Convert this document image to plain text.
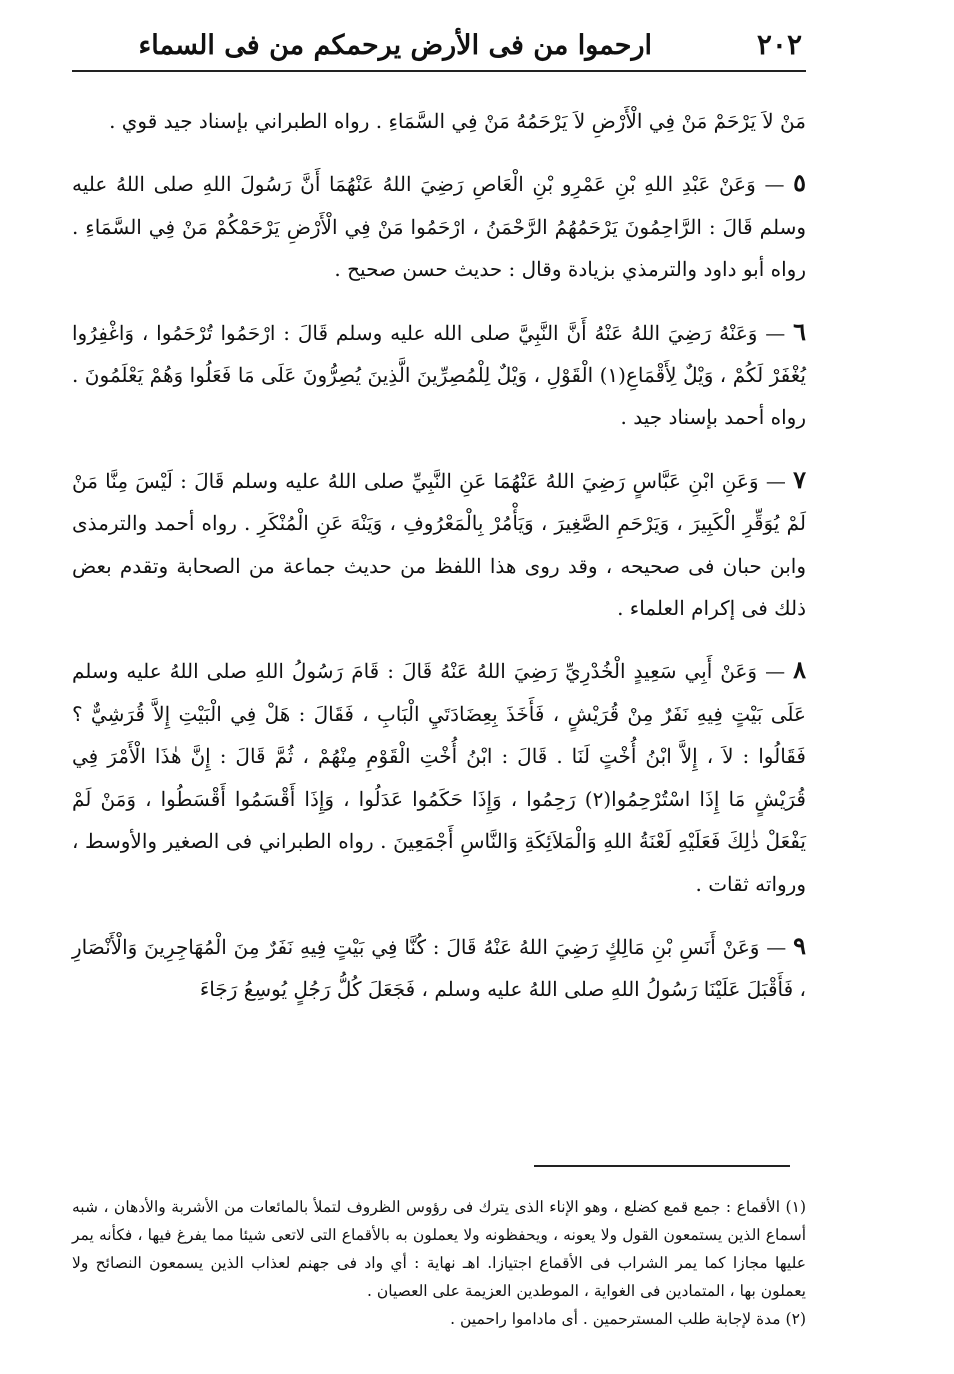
٢٠٢
ارحموا من فى الأرض يرحمكم من فى السماء

مَنْ لاَ يَرْحَمْ مَنْ فِي الْأَرْضِ لاَ يَرْحَمُهُ مَنْ فِي السَّمَاءِ . رواه الطبراني بإسناد جيد قوي .

٥ — وَعَنْ عَبْدِ اللهِ بْنِ عَمْرِو بْنِ الْعَاصِ رَضِيَ اللهُ عَنْهُمَا أَنَّ رَسُولَ اللهِ صلى اللهُ عليه وسلم قَالَ : الرَّاحِمُونَ يَرْحَمُهُمُ الرَّحْمَنُ ، ارْحَمُوا مَنْ فِي الْأَرْضِ يَرْحَمْكُمْ مَنْ فِي السَّمَاءِ . رواه أبو داود والترمذي بزيادة وقال : حديث حسن صحيح .

٦ — وَعَنْهُ رَضِيَ اللهُ عَنْهُ أَنَّ النَّبِيَّ صلى الله عليه وسلم قَالَ : ارْحَمُوا تُرْحَمُوا ، وَاغْفِرُوا يُغْفَرْ لَكُمْ ، وَيْلٌ لِأَقْمَاعِ(١) الْقَوْلِ ، وَيْلٌ لِلْمُصِرِّينَ الَّذِينَ يُصِرُّونَ عَلَى مَا فَعَلُوا وَهُمْ يَعْلَمُونَ . رواه أحمد بإسناد جيد .

٧ — وَعَنِ ابْنِ عَبَّاسٍ رَضِيَ اللهُ عَنْهُمَا عَنِ النَّبِيِّ صلى اللهُ عليه وسلم قَالَ : لَيْسَ مِنَّا مَنْ لَمْ يُوَقِّرِ الْكَبِيرَ ، وَيَرْحَمِ الصَّغِيرَ ، وَيَأْمُرْ بِالْمَعْرُوفِ ، وَيَنْهَ عَنِ الْمُنْكَرِ . رواه أحمد والترمذى وابن حبان فى صحيحه ، وقد روى هذا اللفظ من حديث جماعة من الصحابة وتقدم بعض ذلك فى إكرام العلماء .

٨ — وَعَنْ أَبِي سَعِيدٍ الْخُدْرِيِّ رَضِيَ اللهُ عَنْهُ قَالَ : قَامَ رَسُولُ اللهِ صلى اللهُ عليه وسلم عَلَى بَيْتٍ فِيهِ نَفَرٌ مِنْ قُرَيْشٍ ، فَأَخَذَ بِعِضَادَتَيِ الْبَابِ ، فَقَالَ : هَلْ فِي الْبَيْتِ إِلاَّ قُرَشِيٌّ ؟ فَقَالُوا : لاَ ، إِلاَّ ابْنُ أُخْتٍ لَنَا . قَالَ : ابْنُ أُخْتِ الْقَوْمِ مِنْهُمْ ، ثُمَّ قَالَ : إِنَّ هٰذَا الْأَمْرَ فِي قُرَيْشٍ مَا إِذَا اسْتُرْحِمُوا(٢) رَحِمُوا ، وَإِذَا حَكَمُوا عَدَلُوا ، وَإِذَا أَقْسَمُوا أَقْسَطُوا ، وَمَنْ لَمْ يَفْعَلْ ذٰلِكَ فَعَلَيْهِ لَعْنَةُ اللهِ وَالْمَلاَئِكَةِ وَالنَّاسِ أَجْمَعِينَ . رواه الطبراني فى الصغير والأوسط ، ورواته ثقات .

٩ — وَعَنْ أَنَسِ بْنِ مَالِكٍ رَضِيَ اللهُ عَنْهُ قَالَ : كُنَّا فِي بَيْتٍ فِيهِ نَفَرٌ مِنَ الْمُهَاجِرِينَ وَالْأَنْصَارِ ، فَأَقْبَلَ عَلَيْنَا رَسُولُ اللهِ صلى اللهُ عليه وسلم ، فَجَعَلَ كُلُّ رَجُلٍ يُوسِعُ رَجَاءَ

(١) الأقماع : جمع قمع كضلع ، وهو الإناء الذى يترك فى رؤوس الظروف لتملأ بالمائعات من الأشربة والأدهان ، شبه أسماع الذين يستمعون القول ولا يعونه ، ويحفظونه ولا يعملون به بالأقماع التى لاتعى شيئا مما يفرغ فيها ، فكأنه يمر عليها مجازا كما يمر الشراب فى الأقماع اجتيازا. اهـ نهاية : أي واد فى جهنم لعذاب الذين يسمعون النصائح ولا يعملون بها ، المتمادين فى الغواية ، الموطدين العزيمة على العصيان .

(٢) مدة لإجابة طلب المسترحمين . أى ماداموا راحمين .
